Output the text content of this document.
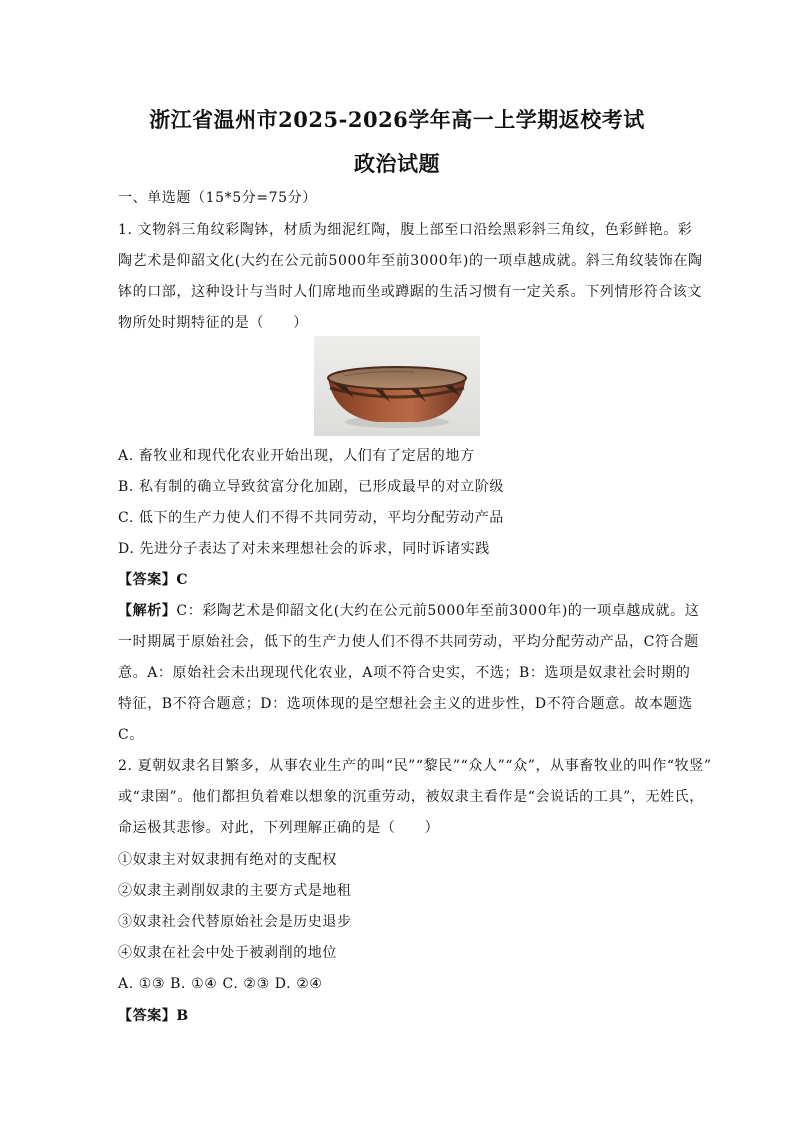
浙江省温州市2025-2026学年高一上学期返校考试
政治试题
一、单选题（15*5分=75分）
1. 文物斜三角纹彩陶钵，材质为细泥红陶，腹上部至口沿绘黑彩斜三角纹，色彩鲜艳。彩
陶艺术是仰韶文化(大约在公元前5000年至前3000年)的一项卓越成就。斜三角纹装饰在陶
钵的口部，这种设计与当时人们席地而坐或蹲踞的生活习惯有一定关系。下列情形符合该文
物所处时期特征的是（　　）
A. 畜牧业和现代化农业开始出现，人们有了定居的地方
B. 私有制的确立导致贫富分化加剧，已形成最早的对立阶级
C. 低下的生产力使人们不得不共同劳动，平均分配劳动产品
D. 先进分子表达了对未来理想社会的诉求，同时诉诸实践
【答案】C
【解析】C：彩陶艺术是仰韶文化(大约在公元前5000年至前3000年)的一项卓越成就。这
一时期属于原始社会，低下的生产力使人们不得不共同劳动，平均分配劳动产品，C符合题
意。A：原始社会未出现现代化农业，A项不符合史实，不选；B：选项是奴隶社会时期的
特征，B不符合题意；D：选项体现的是空想社会主义的进步性，D不符合题意。故本题选
C。
2. 夏朝奴隶名目繁多，从事农业生产的叫“民”“黎民”“众人”“众”，从事畜牧业的叫作“牧竖”
或“隶圉”。他们都担负着难以想象的沉重劳动，被奴隶主看作是“会说话的工具”，无姓氏，
命运极其悲惨。对此，下列理解正确的是（　　）
①奴隶主对奴隶拥有绝对的支配权
②奴隶主剥削奴隶的主要方式是地租
③奴隶社会代替原始社会是历史退步
④奴隶在社会中处于被剥削的地位
A. ①③ B. ①④ C. ②③ D. ②④
【答案】B
